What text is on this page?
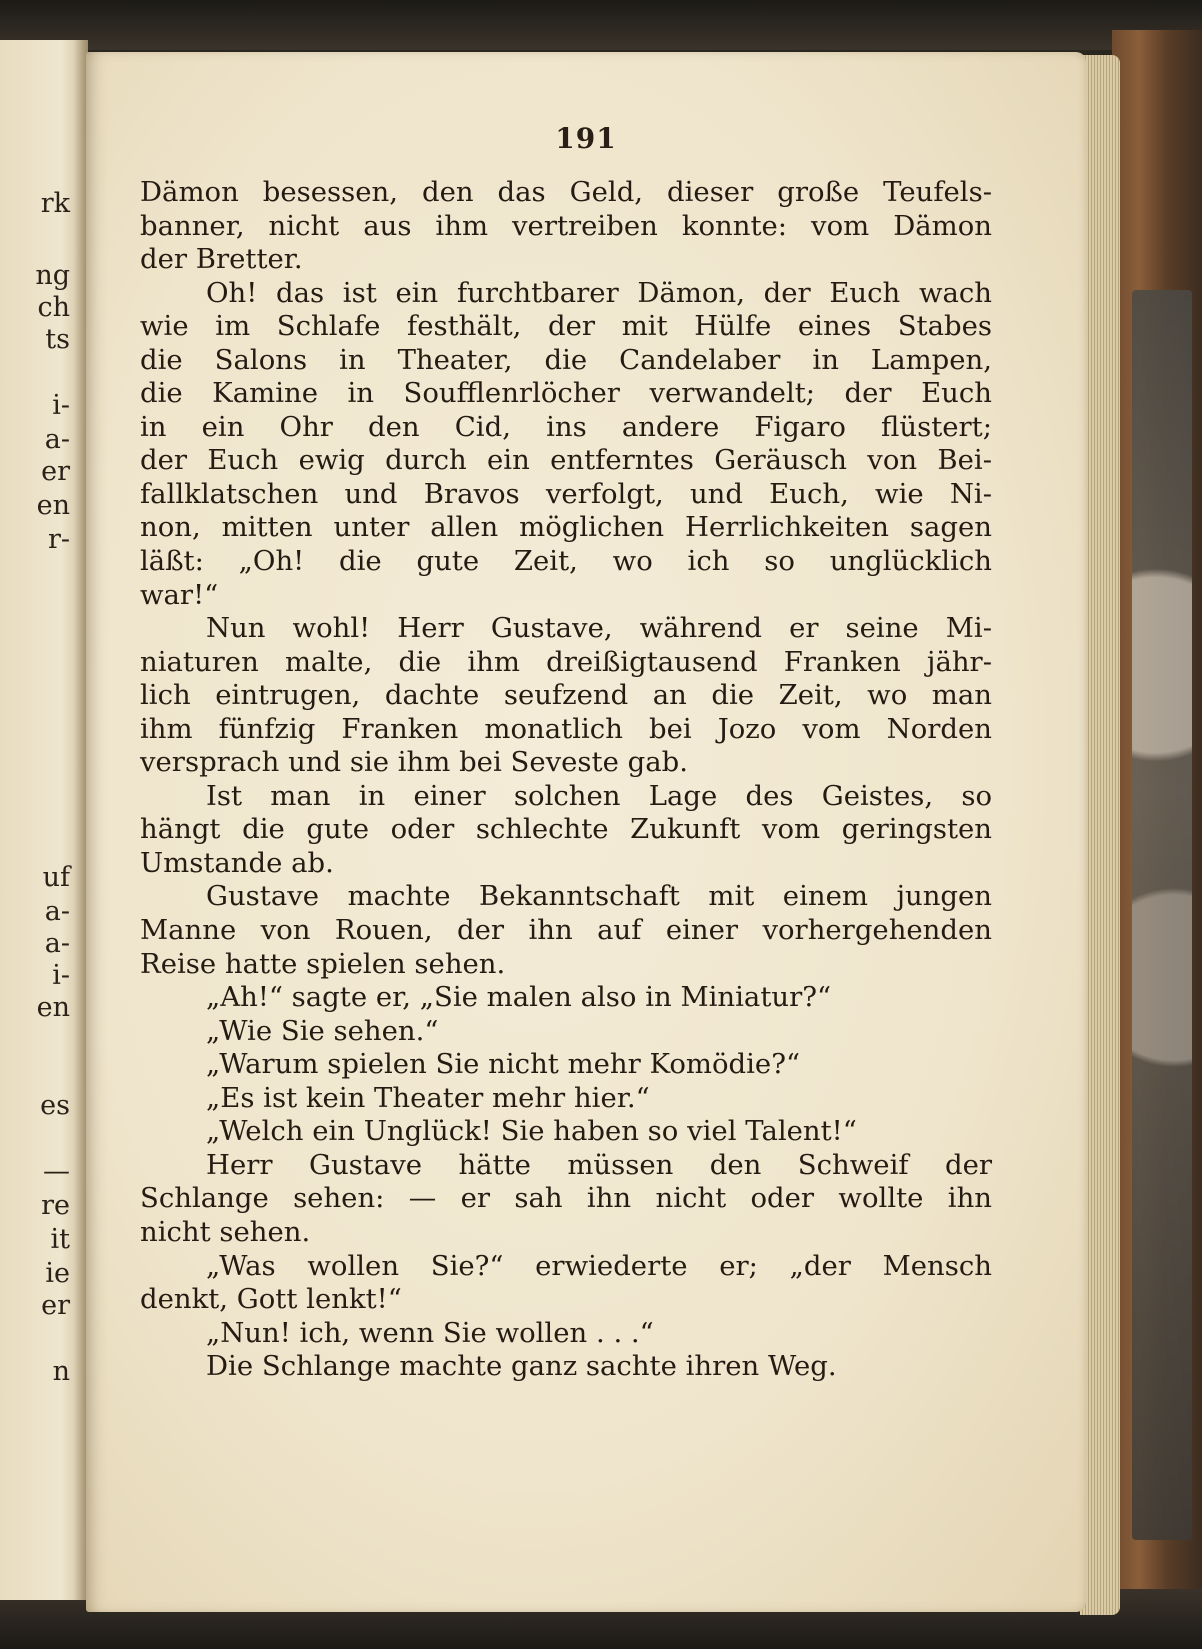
rk
ng
ch
ts
i-
a-
er
en
r-
uf
a-
a-
i-
en
es
—
re
it
ie
er
n
191
Dämon besessen, den das Geld, dieser große Teufels-
banner, nicht aus ihm vertreiben konnte: vom Dämon
der Bretter.
Oh! das ist ein furchtbarer Dämon, der Euch wach
wie im Schlafe festhält, der mit Hülfe eines Stabes
die Salons in Theater, die Candelaber in Lampen,
die Kamine in Soufflenrlöcher verwandelt; der Euch
in ein Ohr den Cid, ins andere Figaro flüstert;
der Euch ewig durch ein entferntes Geräusch von Bei-
fallklatschen und Bravos verfolgt, und Euch, wie Ni-
non, mitten unter allen möglichen Herrlichkeiten sagen
läßt: „Oh! die gute Zeit, wo ich so unglücklich
war!“
Nun wohl! Herr Gustave, während er seine Mi-
niaturen malte, die ihm dreißigtausend Franken jähr-
lich eintrugen, dachte seufzend an die Zeit, wo man
ihm fünfzig Franken monatlich bei Jozo vom Norden
versprach und sie ihm bei Seveste gab.
Ist man in einer solchen Lage des Geistes, so
hängt die gute oder schlechte Zukunft vom geringsten
Umstande ab.
Gustave machte Bekanntschaft mit einem jungen
Manne von Rouen, der ihn auf einer vorhergehenden
Reise hatte spielen sehen.
„Ah!“ sagte er, „Sie malen also in Miniatur?“
„Wie Sie sehen.“
„Warum spielen Sie nicht mehr Komödie?“
„Es ist kein Theater mehr hier.“
„Welch ein Unglück! Sie haben so viel Talent!“
Herr Gustave hätte müssen den Schweif der
Schlange sehen: — er sah ihn nicht oder wollte ihn
nicht sehen.
„Was wollen Sie?“ erwiederte er; „der Mensch
denkt, Gott lenkt!“
„Nun! ich, wenn Sie wollen . . .“
Die Schlange machte ganz sachte ihren Weg.
